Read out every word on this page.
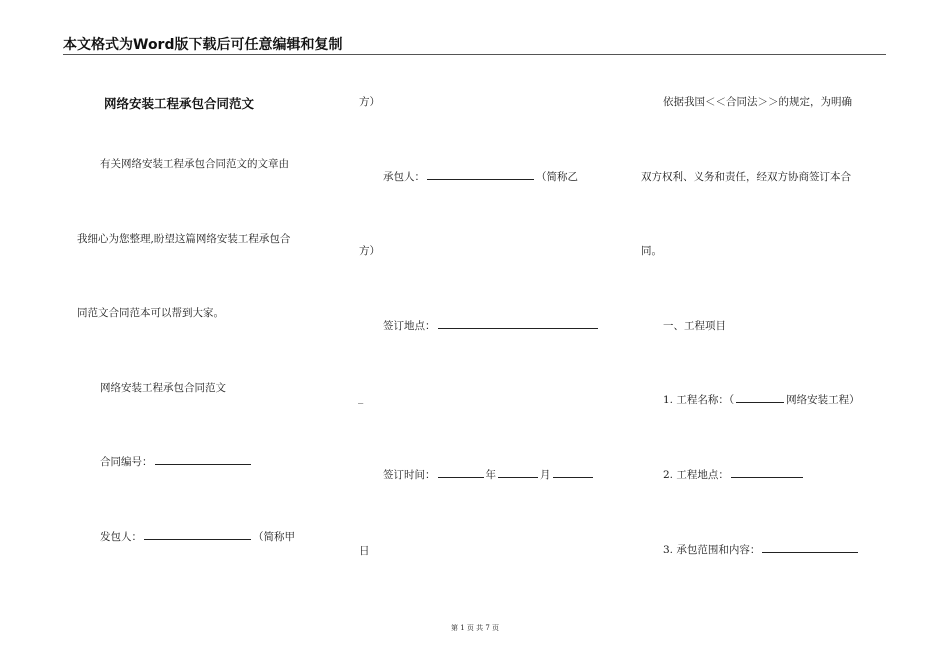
本文格式为Word版下载后可任意编辑和复制
网络安装工程承包合同范文
有关网络安装工程承包合同范文的文章由
我细心为您整理,盼望这篇网络安装工程承包合
同范文合同范本可以帮到大家。
网络安装工程承包合同范文
合同编号：
发包人：	（简称甲
方）
承包人：	（简称乙
方）
签订地点：
_
签订时间：	年	月
日
依据我国＜＜合同法＞＞的规定，为明确
双方权利、义务和责任，经双方协商签订本合
同。
一、工程项目
1. 工程名称：（	网络安装工程）
2. 工程地点：
3. 承包范围和内容：
第 1 页 共 7 页
